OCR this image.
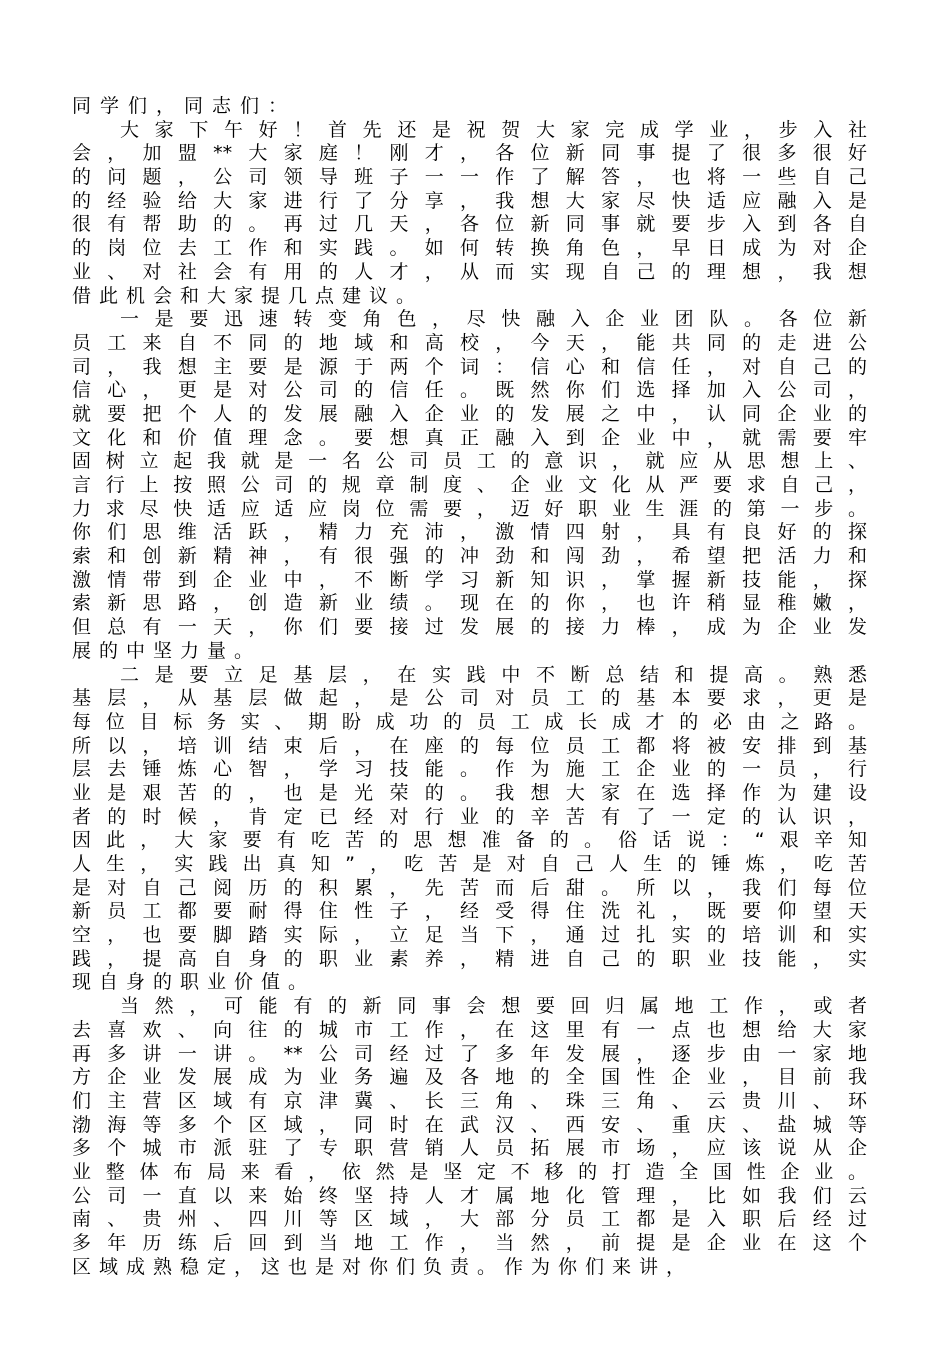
同学们，同志们：
大家下午好！首先还是祝贺大家完成学业，步入社
会，加盟**大家庭！刚才，各位新同事提了很多很好
的问题，公司领导班子一一作了解答，也将一些自己
的经验给大家进行了分享，我想大家尽快适应融入是
很有帮助的。再过几天，各位新同事就要步入到各自
的岗位去工作和实践。如何转换角色，早日成为对企
业、对社会有用的人才，从而实现自己的理想，我想
借此机会和大家提几点建议。
一是要迅速转变角色，尽快融入企业团队。各位新
员工来自不同的地域和高校，今天，能共同的走进公
司，我想主要是源于两个词：信心和信任，对自己的
信心，更是对公司的信任。既然你们选择加入公司，
就要把个人的发展融入企业的发展之中，认同企业的
文化和价值理念。要想真正融入到企业中，就需要牢
固树立起我就是一名公司员工的意识，就应从思想上、
言行上按照公司的规章制度、企业文化从严要求自己，
力求尽快适应适应岗位需要，迈好职业生涯的第一步。
你们思维活跃，精力充沛，激情四射，具有良好的探
索和创新精神，有很强的冲劲和闯劲，希望把活力和
激情带到企业中，不断学习新知识，掌握新技能，探
索新思路，创造新业绩。现在的你，也许稍显稚嫩，
但总有一天，你们要接过发展的接力棒，成为企业发
展的中坚力量。
二是要立足基层，在实践中不断总结和提高。熟悉
基层，从基层做起，是公司对员工的基本要求，更是
每位目标务实、期盼成功的员工成长成才的必由之路。
所以，培训结束后，在座的每位员工都将被安排到基
层去锤炼心智，学习技能。作为施工企业的一员，行
业是艰苦的，也是光荣的。我想大家在选择作为建设
者的时候，肯定已经对行业的辛苦有了一定的认识，
因此，大家要有吃苦的思想准备的。俗话说：“艰辛知
人生，实践出真知”，吃苦是对自己人生的锤炼，吃苦
是对自己阅历的积累，先苦而后甜。所以，我们每位
新员工都要耐得住性子，经受得住洗礼，既要仰望天
空，也要脚踏实际，立足当下，通过扎实的培训和实
践，提高自身的职业素养，精进自己的职业技能，实
现自身的职业价值。
当然，可能有的新同事会想要回归属地工作，或者
去喜欢、向往的城市工作，在这里有一点也想给大家
再多讲一讲。**公司经过了多年发展，逐步由一家地
方企业发展成为业务遍及各地的全国性企业，目前我
们主营区域有京津冀、长三角、珠三角、云贵川、环
渤海等多个区域，同时在武汉、西安、重庆、盐城等
多个城市派驻了专职营销人员拓展市场，应该说从企
业整体布局来看，依然是坚定不移的打造全国性企业。
公司一直以来始终坚持人才属地化管理，比如我们云
南、贵州、四川等区域，大部分员工都是入职后经过
多年历练后回到当地工作，当然，前提是企业在这个
区域成熟稳定，这也是对你们负责。作为你们来讲，
